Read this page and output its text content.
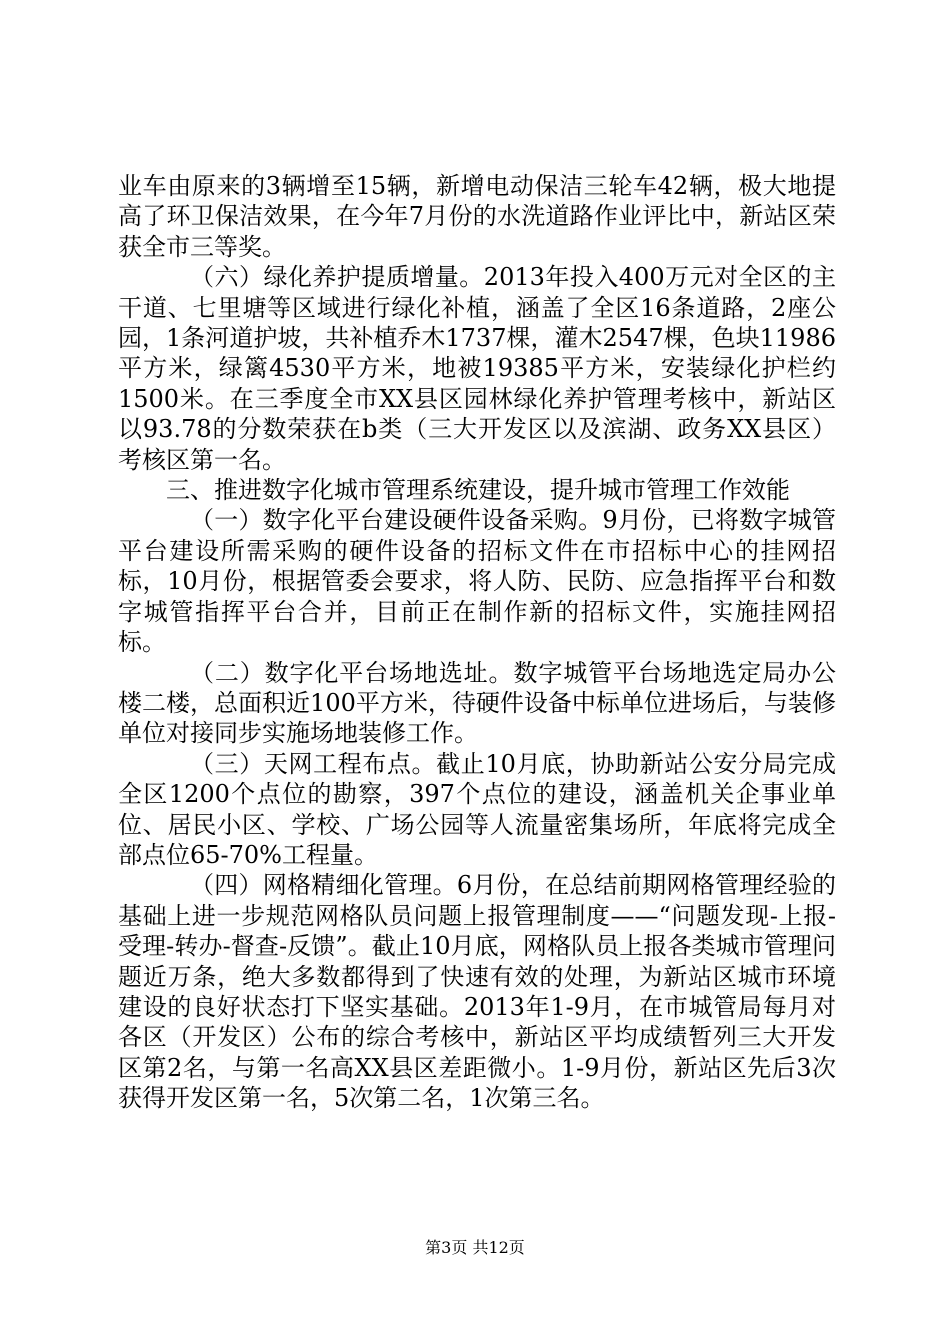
业车由原来的3辆增至15辆，新增电动保洁三轮车42辆，极大地提高了环卫保洁效果，在今年7月份的水洗道路作业评比中，新站区荣获全市三等奖。

（六）绿化养护提质增量。2013年投入400万元对全区的主干道、七里塘等区域进行绿化补植，涵盖了全区16条道路，2座公园，1条河道护坡，共补植乔木1737棵，灌木2547棵，色块11986平方米，绿篱4530平方米，地被19385平方米，安装绿化护栏约1500米。在三季度全市XX县区园林绿化养护管理考核中，新站区以93.78的分数荣获在b类（三大开发区以及滨湖、政务XX县区）考核区第一名。

三、推进数字化城市管理系统建设，提升城市管理工作效能

（一）数字化平台建设硬件设备采购。9月份，已将数字城管平台建设所需采购的硬件设备的招标文件在市招标中心的挂网招标，10月份，根据管委会要求，将人防、民防、应急指挥平台和数字城管指挥平台合并，目前正在制作新的招标文件，实施挂网招标。

（二）数字化平台场地选址。数字城管平台场地选定局办公楼二楼，总面积近100平方米，待硬件设备中标单位进场后，与装修单位对接同步实施场地装修工作。

（三）天网工程布点。截止10月底，协助新站公安分局完成全区1200个点位的勘察，397个点位的建设，涵盖机关企事业单位、居民小区、学校、广场公园等人流量密集场所，年底将完成全部点位65-70%工程量。

（四）网格精细化管理。6月份，在总结前期网格管理经验的基础上进一步规范网格队员问题上报管理制度——“问题发现-上报-受理-转办-督查-反馈”。截止10月底，网格队员上报各类城市管理问题近万条，绝大多数都得到了快速有效的处理，为新站区城市环境建设的良好状态打下坚实基础。2013年1-9月，在市城管局每月对各区（开发区）公布的综合考核中，新站区平均成绩暂列三大开发区第2名，与第一名高XX县区差距微小。1-9月份，新站区先后3次获得开发区第一名，5次第二名，1次第三名。

第3页 共12页
